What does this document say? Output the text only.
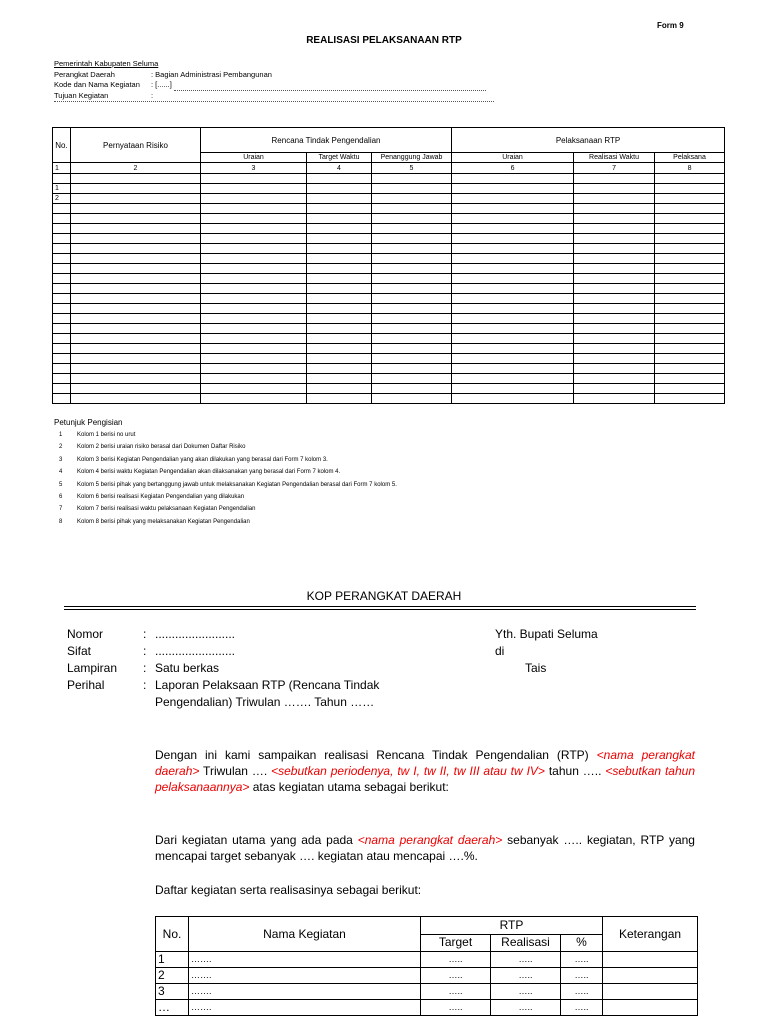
Form 9
REALISASI PELAKSANAAN RTP
Pemerintah Kabupaten Seluma
Perangkat Daerah	: Bagian Administrasi Pembangunan
Kode dan Nama Kegiatan	: [......]
Tujuan Kegiatan	:
No.	Pernyataan Risiko	Rencana Tindak Pengendalian			Pelaksanaan RTP		
		Uraian	Target Waktu	Penanggung Jawab	Uraian	Realisasi Waktu	Pelaksana
1	2	3	4	5	6	7	8

1							
2							

Petunjuk Pengisian
1	Kolom 1 berisi no urut
2	Kolom 2 berisi uraian risiko berasal dari Dokumen Daftar Risiko
3	Kolom 3 berisi Kegiatan Pengendalian yang akan dilakukan yang berasal dari Form 7 kolom 3.
4	Kolom 4 berisi waktu Kegiatan Pengendalian akan dilaksanakan yang berasal dari Form 7 kolom 4.
5	Kolom 5 berisi pihak yang bertanggung jawab untuk melaksanakan Kegiatan Pengendalian berasal dari Form 7 kolom 5.
6	Kolom 6 berisi realisasi Kegiatan Pengendalian yang dilakukan
7	Kolom 7 berisi realisasi waktu pelaksanaan Kegiatan Pengendalian
8	Kolom 8 berisi pihak yang melaksanakan Kegiatan Pengendalian
KOP PERANGKAT DAERAH
Nomor	: ........................
Sifat	: ........................
Lampiran	: Satu berkas
Perihal	: Laporan Pelaksaan RTP (Rencana Tindak
Pengendalian) Triwulan ……. Tahun ……
Yth. Bupati Seluma
di
Tais
Dengan ini kami sampaikan realisasi Rencana Tindak Pengendalian (RTP) <nama perangkat daerah> Triwulan …. <sebutkan periodenya, tw I, tw II, tw III atau tw IV> tahun ….. <sebutkan tahun pelaksanaannya> atas kegiatan utama sebagai berikut:
Dari kegiatan utama yang ada pada <nama perangkat daerah> sebanyak ….. kegiatan, RTP yang mencapai target sebanyak …. kegiatan atau mencapai ….%.
Daftar kegiatan serta realisasinya sebagai berikut:
No.	Nama Kegiatan	RTP			Keterangan
		Target	Realisasi	%	
1	…….	…..	…..	…..	
2	…….	…..	…..	…..	
3	…….	…..	…..	…..	
…	…….	…..	…..	…..	
